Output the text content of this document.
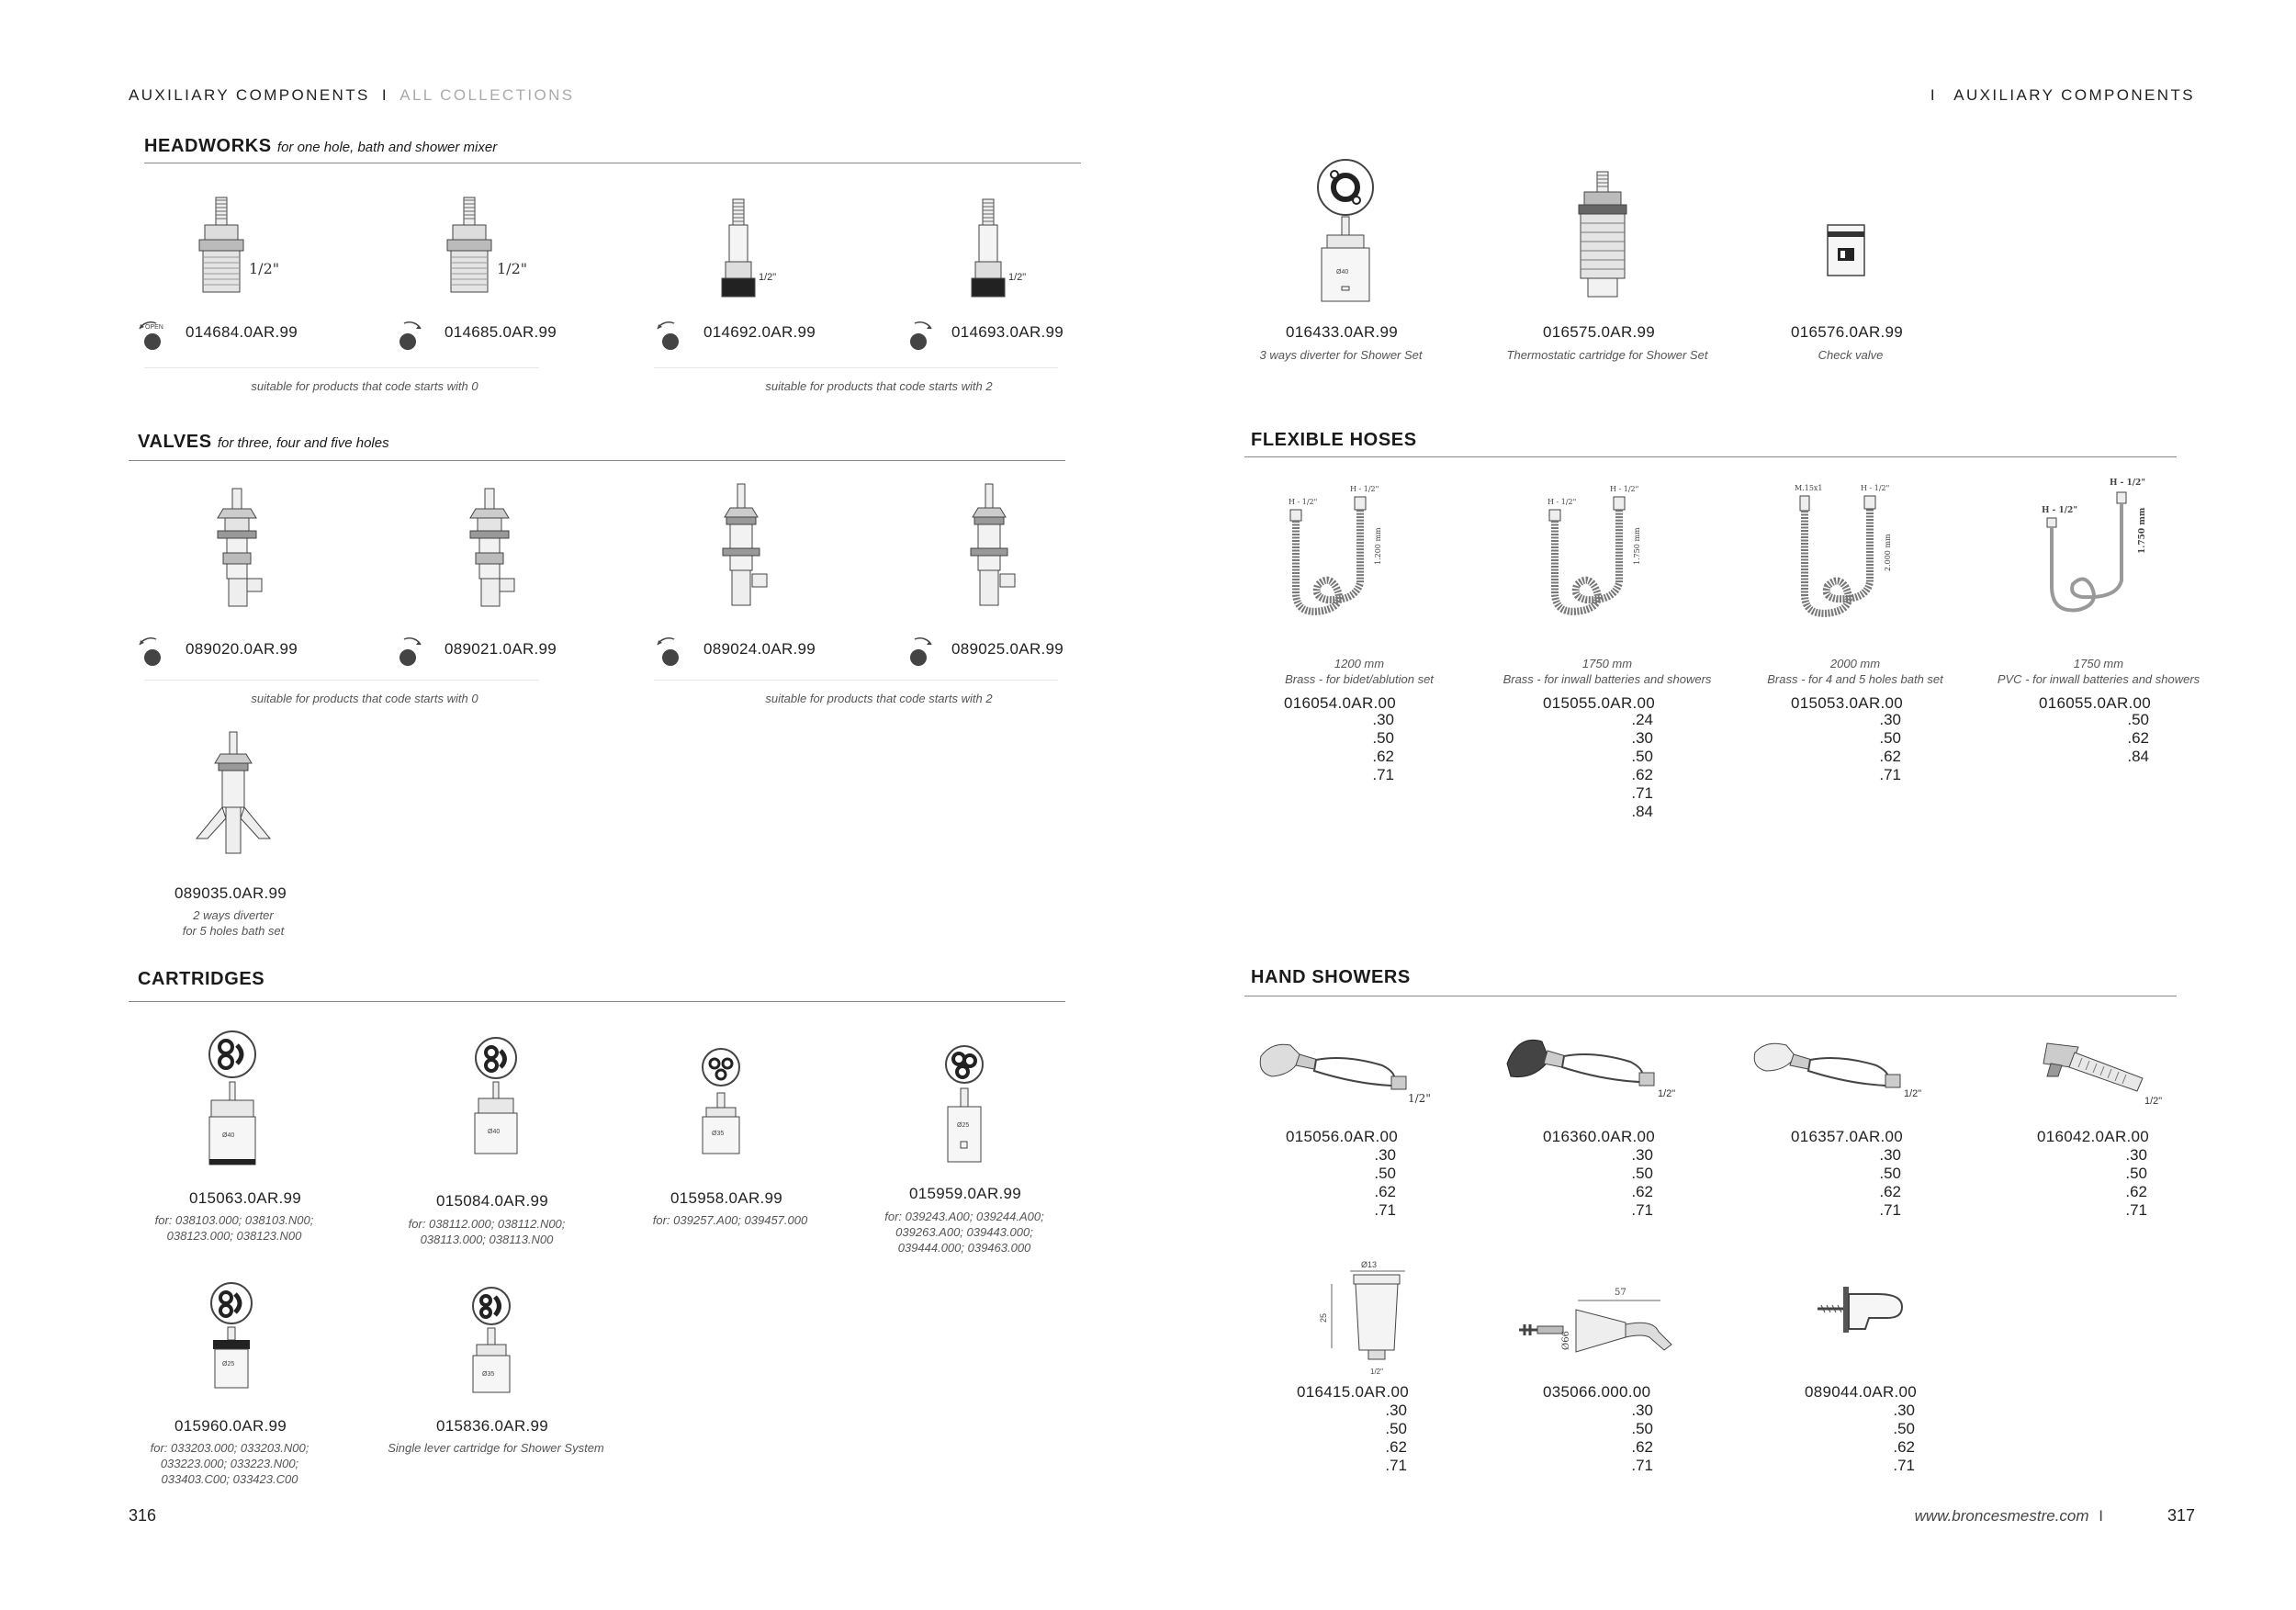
AUXILIARY COMPONENTS I ALL COLLECTIONS	I AUXILIARY COMPONENTS
HEADWORKS for one hole, bath and shower mixer
1/2"	1/2"	1/2"	1/2"
OPEN 014684.0AR.99	014685.0AR.99	014692.0AR.99	014693.0AR.99
suitable for products that code starts with 0	suitable for products that code starts with 2
VALVES for three, four and five holes
089020.0AR.99	089021.0AR.99	089024.0AR.99	089025.0AR.99
suitable for products that code starts with 0	suitable for products that code starts with 2
089035.0AR.99
2 ways diverter
for 5 holes bath set
CARTRIDGES
Ø40
015063.0AR.99
for: 038103.000; 038103.N00;
038123.000; 038123.N00
Ø40
015084.0AR.99
for: 038112.000; 038112.N00;
038113.000; 038113.N00
Ø35
015958.0AR.99
for: 039257.A00; 039457.000
Ø25
015959.0AR.99
for: 039243.A00; 039244.A00;
039263.A00; 039443.000;
039444.000; 039463.000
Ø25
015960.0AR.99
for: 033203.000; 033203.N00;
033223.000; 033223.N00;
033403.C00; 033423.C00
Ø35
015836.0AR.99
Single lever cartridge for Shower System
Ø40
016433.0AR.99
3 ways diverter for Shower Set
016575.0AR.99
Thermostatic cartridge for Shower Set
016576.0AR.99
Check valve
FLEXIBLE HOSES
H - 1/2"
H - 1/2"
1.200 mm
H - 1/2"
H - 1/2"
1.750 mm
M.15x1	H - 1/2"
2.000 mm
H - 1/2"
H - 1/2"	1.750 mm
1200 mm
Brass - for bidet/ablution set
1750 mm
Brass - for inwall batteries and showers
2000 mm
Brass - for 4 and 5 holes bath set
1750 mm
PVC - for inwall batteries and showers
016054.0AR.00
.30
.50
.62
.71
015055.0AR.00
.24
.30
.50
.62
.71
.84
015053.0AR.00
.30
.50
.62
.71
016055.0AR.00
.50
.62
.84
HAND SHOWERS
1/2"	1/2"	1/2"
1/2"
015056.0AR.00
.30
.50
.62
.71
016360.0AR.00
.30
.50
.62
.71
016357.0AR.00
.30
.50
.62
.71
016042.0AR.00
.30
.50
.62
.71
Ø13
25
1/2"
57
Ø66
016415.0AR.00
.30
.50
.62
.71
035066.000.00
.30
.50
.62
.71
089044.0AR.00
.30
.50
.62
.71
316	www.broncesmestre.com I	317
